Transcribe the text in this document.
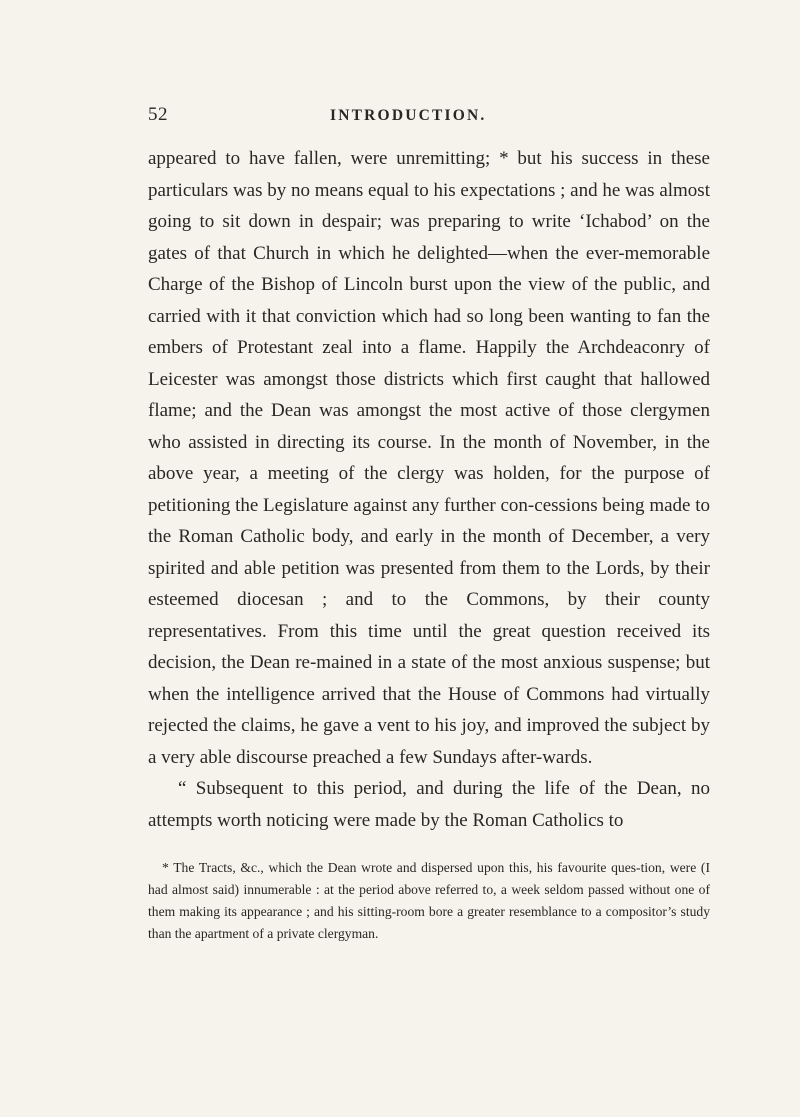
52	INTRODUCTION.

appeared to have fallen, were unremitting; * but his success in these particulars was by no means equal to his expectations ; and he was almost going to sit down in despair; was preparing to write ‘Ichabod’ on the gates of that Church in which he delighted—when the ever-memorable Charge of the Bishop of Lincoln burst upon the view of the public, and carried with it that conviction which had so long been wanting to fan the embers of Protestant zeal into a flame. Happily the Archdeaconry of Leicester was amongst those districts which first caught that hallowed flame; and the Dean was amongst the most active of those clergymen who assisted in directing its course. In the month of November, in the above year, a meeting of the clergy was holden, for the purpose of petitioning the Legislature against any further con-cessions being made to the Roman Catholic body, and early in the month of December, a very spirited and able petition was presented from them to the Lords, by their esteemed diocesan ; and to the Commons, by their county representatives. From this time until the great question received its decision, the Dean re-mained in a state of the most anxious suspense; but when the intelligence arrived that the House of Commons had virtually rejected the claims, he gave a vent to his joy, and improved the subject by a very able discourse preached a few Sundays after-wards.

“ Subsequent to this period, and during the life of the Dean, no attempts worth noticing were made by the Roman Catholics to

* The Tracts, &c., which the Dean wrote and dispersed upon this, his favourite ques-tion, were (I had almost said) innumerable : at the period above referred to, a week seldom passed without one of them making its appearance ; and his sitting-room bore a greater resemblance to a compositor’s study than the apartment of a private clergyman.
